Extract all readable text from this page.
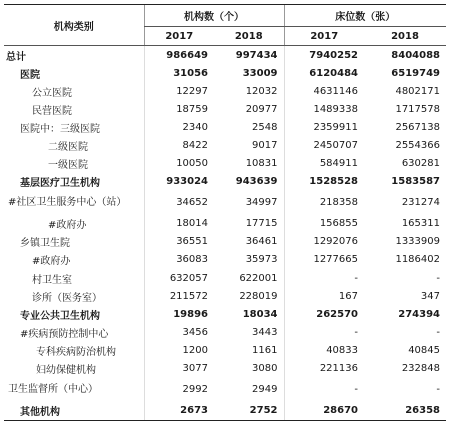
机构类别	机构数（个）		床位数（张）	
	2017	2018	2017	2018
总计	986649	997434	7940252	8404088
医院	31056	33009	6120484	6519749
公立医院	12297	12032	4631146	4802171
民营医院	18759	20977	1489338	1717578
医院中：三级医院	2340	2548	2359911	2567138
二级医院	8422	9017	2450707	2554366
一级医院	10050	10831	584911	630281
基层医疗卫生机构	933024	943639	1528528	1583587
#社区卫生服务中心（站）	34652	34997	218358	231274
#政府办	18014	17715	156855	165311
乡镇卫生院	36551	36461	1292076	1333909
#政府办	36083	35973	1277665	1186402
村卫生室	632057	622001	-	-
诊所（医务室）	211572	228019	167	347
专业公共卫生机构	19896	18034	262570	274394
#疾病预防控制中心	3456	3443	-	-
专科疾病防治机构	1200	1161	40833	40845
妇幼保健机构	3077	3080	221136	232848
卫生监督所（中心）	2992	2949	-	-
其他机构	2673	2752	28670	26358
